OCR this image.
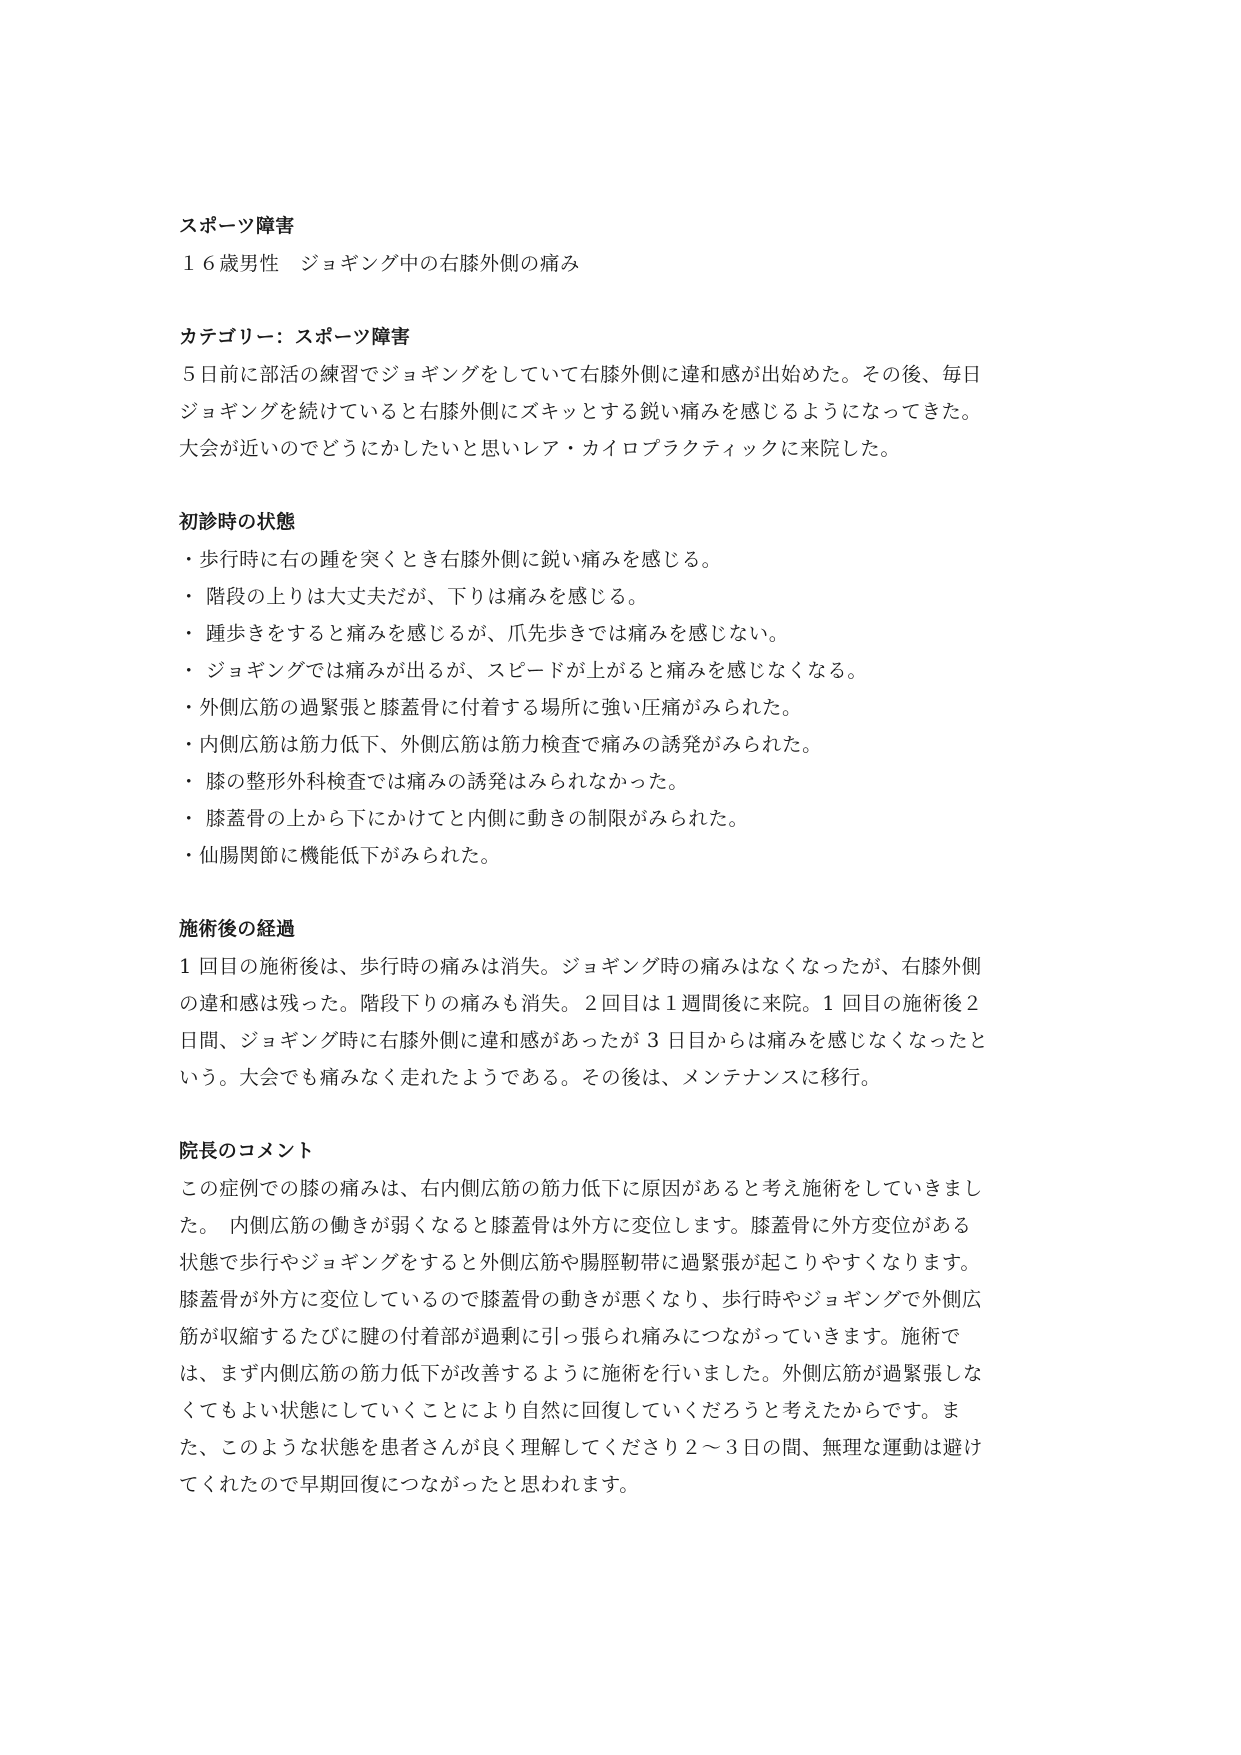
スポーツ障害
１６歳男性　ジョギング中の右膝外側の痛み
カテゴリー：スポーツ障害
５日前に部活の練習でジョギングをしていて右膝外側に違和感が出始めた。その後、毎日
ジョギングを続けていると右膝外側にズキッとする鋭い痛みを感じるようになってきた。
大会が近いのでどうにかしたいと思いレア・カイロプラクティックに来院した。
初診時の状態
・歩行時に右の踵を突くとき右膝外側に鋭い痛みを感じる。
・ 階段の上りは大丈夫だが、下りは痛みを感じる。
・ 踵歩きをすると痛みを感じるが、爪先歩きでは痛みを感じない。
・ ジョギングでは痛みが出るが、スピードが上がると痛みを感じなくなる。
・外側広筋の過緊張と膝蓋骨に付着する場所に強い圧痛がみられた。
・内側広筋は筋力低下、外側広筋は筋力検査で痛みの誘発がみられた。
・ 膝の整形外科検査では痛みの誘発はみられなかった。
・ 膝蓋骨の上から下にかけてと内側に動きの制限がみられた。
・仙腸関節に機能低下がみられた。
施術後の経過
1 回目の施術後は、歩行時の痛みは消失。ジョギング時の痛みはなくなったが、右膝外側
の違和感は残った。階段下りの痛みも消失。２回目は１週間後に来院。1 回目の施術後２
日間、ジョギング時に右膝外側に違和感があったが 3 日目からは痛みを感じなくなったと
いう。大会でも痛みなく走れたようである。その後は、メンテナンスに移行。
院長のコメント
この症例での膝の痛みは、右内側広筋の筋力低下に原因があると考え施術をしていきまし
た。　内側広筋の働きが弱くなると膝蓋骨は外方に変位します。膝蓋骨に外方変位がある
状態で歩行やジョギングをすると外側広筋や腸脛靭帯に過緊張が起こりやすくなります。
膝蓋骨が外方に変位しているので膝蓋骨の動きが悪くなり、歩行時やジョギングで外側広
筋が収縮するたびに腱の付着部が過剰に引っ張られ痛みにつながっていきます。施術で
は、まず内側広筋の筋力低下が改善するように施術を行いました。外側広筋が過緊張しな
くてもよい状態にしていくことにより自然に回復していくだろうと考えたからです。ま
た、このような状態を患者さんが良く理解してくださり２～３日の間、無理な運動は避け
てくれたので早期回復につながったと思われます。
